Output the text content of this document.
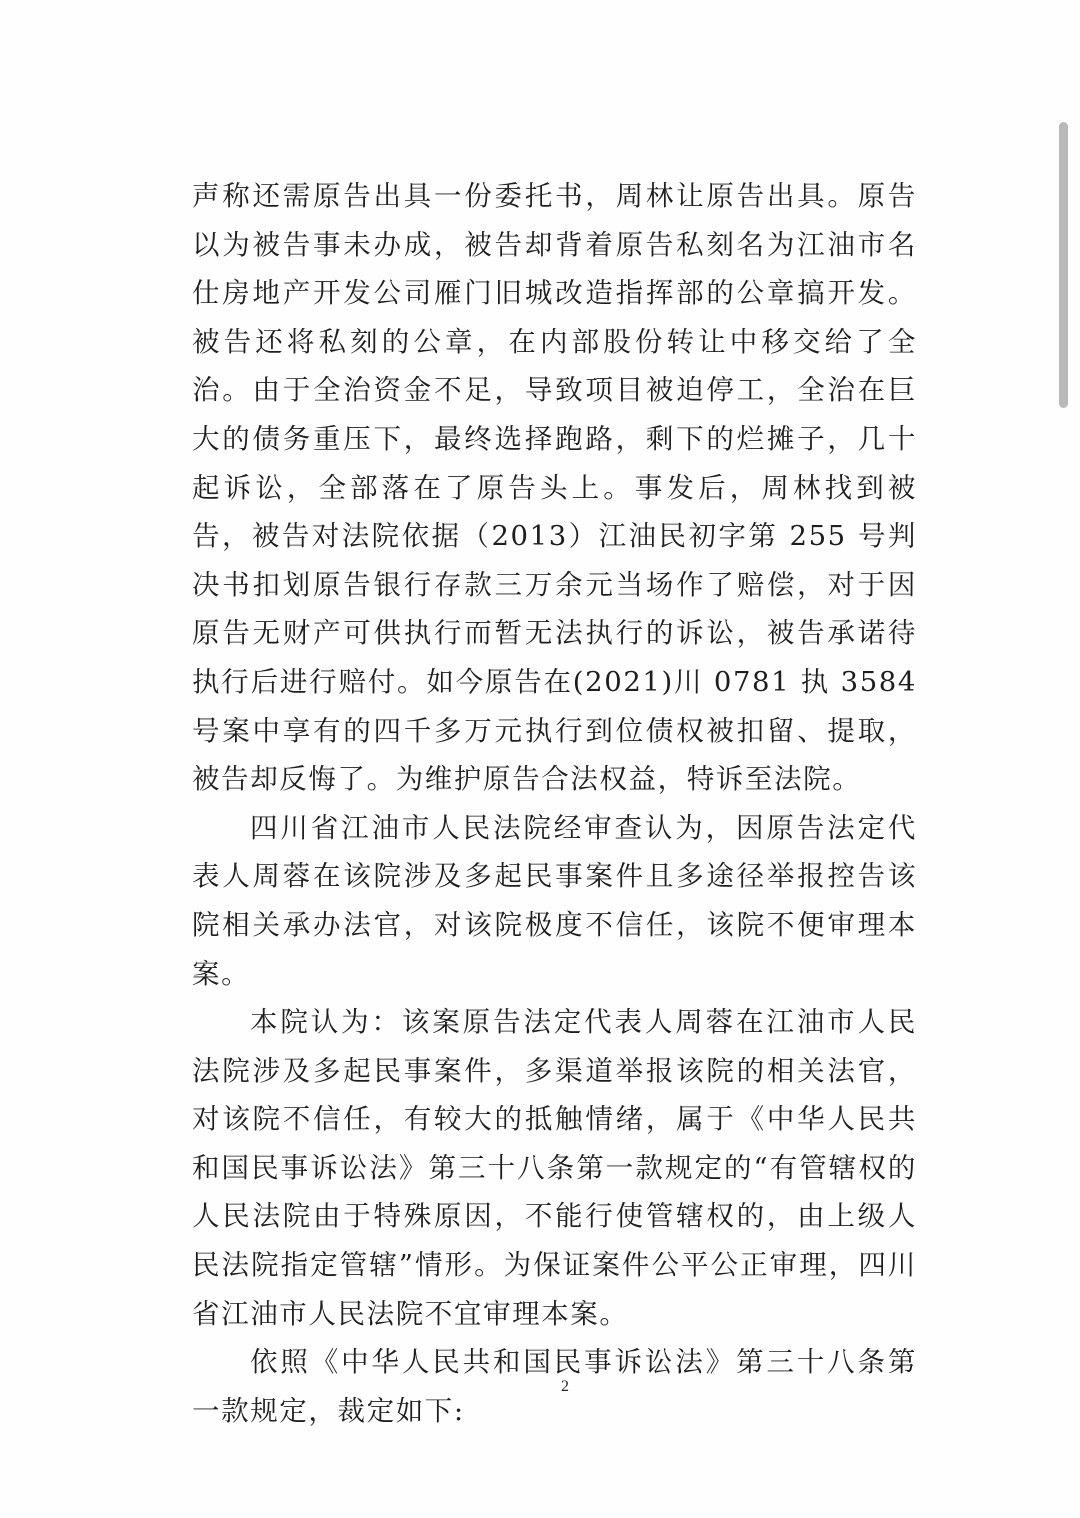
声称还需原告出具一份委托书，周林让原告出具。原告以为被告事未办成，被告却背着原告私刻名为江油市名仕房地产开发公司雁门旧城改造指挥部的公章搞开发。被告还将私刻的公章，在内部股份转让中移交给了全治。由于全治资金不足，导致项目被迫停工，全治在巨大的债务重压下，最终选择跑路，剩下的烂摊子，几十起诉讼，全部落在了原告头上。事发后，周林找到被告，被告对法院依据（2013）江油民初字第 255 号判决书扣划原告银行存款三万余元当场作了赔偿，对于因原告无财产可供执行而暂无法执行的诉讼，被告承诺待执行后进行赔付。如今原告在(2021)川 0781 执 3584 号案中享有的四千多万元执行到位债权被扣留、提取，被告却反悔了。为维护原告合法权益，特诉至法院。

四川省江油市人民法院经审查认为，因原告法定代表人周蓉在该院涉及多起民事案件且多途径举报控告该院相关承办法官，对该院极度不信任，该院不便审理本案。

本院认为：该案原告法定代表人周蓉在江油市人民法院涉及多起民事案件，多渠道举报该院的相关法官，对该院不信任，有较大的抵触情绪，属于《中华人民共和国民事诉讼法》第三十八条第一款规定的“有管辖权的人民法院由于特殊原因，不能行使管辖权的，由上级人民法院指定管辖”情形。为保证案件公平公正审理，四川省江油市人民法院不宜审理本案。

依照《中华人民共和国民事诉讼法》第三十八条第一款规定，裁定如下:

2
